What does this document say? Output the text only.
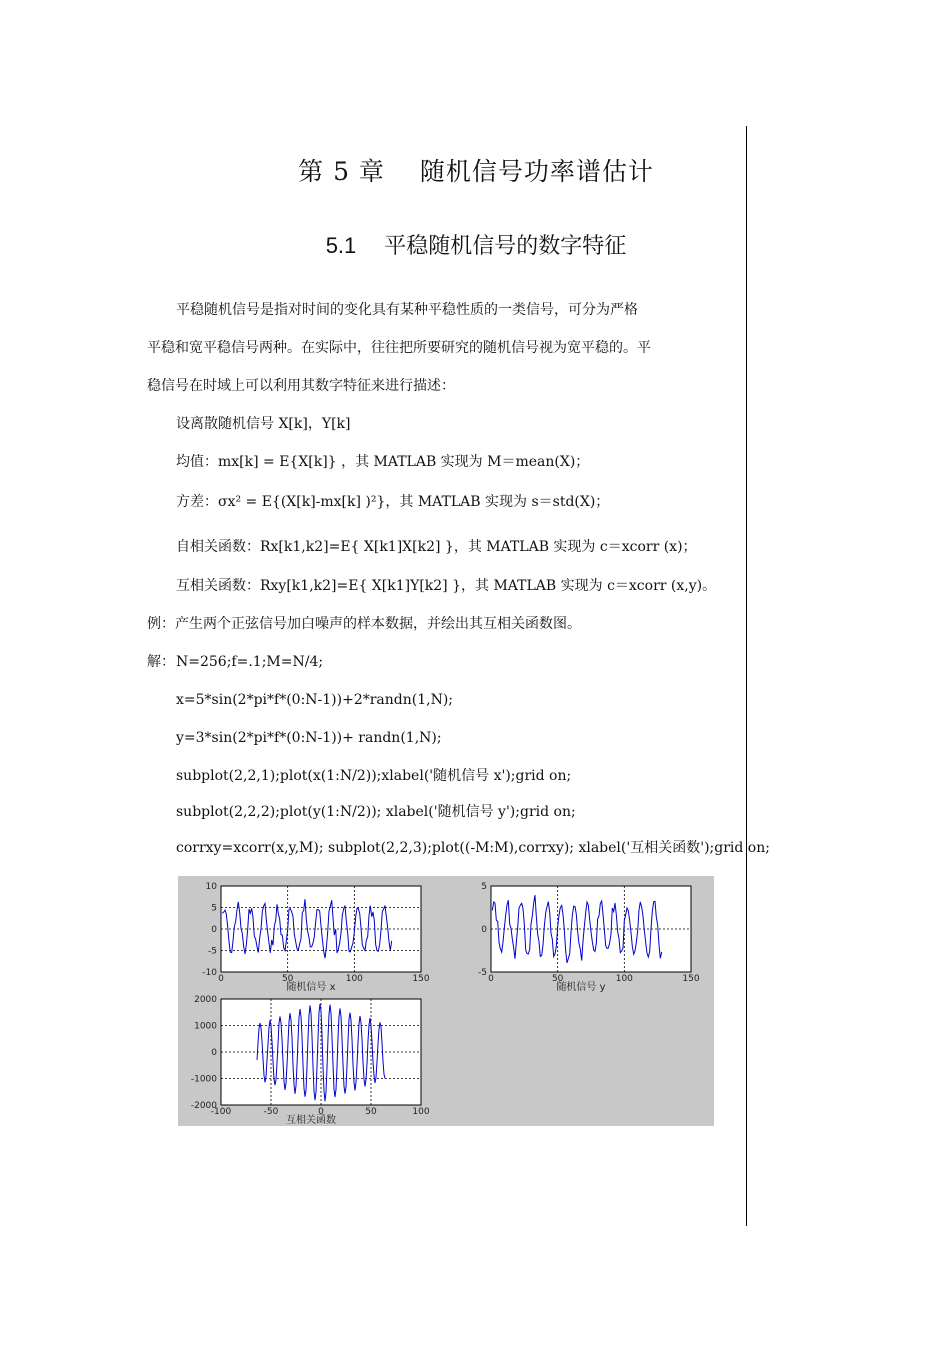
第 5 章　 随机信号功率谱估计
5.1 平稳随机信号的数字特征
平稳随机信号是指对时间的变化具有某种平稳性质的一类信号，可分为严格
平稳和宽平稳信号两种。在实际中，往往把所要研究的随机信号视为宽平稳的。平
稳信号在时域上可以利用其数字特征来进行描述：
设离散随机信号 X[k]，Y[k]
均值：mx[k] = E{X[k]} ，其 MATLAB 实现为 M＝mean(X)；
方差：σx² = E{(X[k]-mx[k] )²}，其 MATLAB 实现为 s＝std(X)；
自相关函数：Rx[k1,k2]=E{ X[k1]X[k2] }，其 MATLAB 实现为 c＝xcorr (x)；
互相关函数：Rxy[k1,k2]=E{ X[k1]Y[k2] }，其 MATLAB 实现为 c＝xcorr (x,y)。
例：产生两个正弦信号加白噪声的样本数据，并绘出其互相关函数图。
解： N=256;f=.1;M=N/4;
x=5*sin(2*pi*f*(0:N-1))+2*randn(1,N);
y=3*sin(2*pi*f*(0:N-1))+ randn(1,N);
subplot(2,2,1);plot(x(1:N/2));xlabel('随机信号 x');grid on;
subplot(2,2,2);plot(y(1:N/2)); xlabel('随机信号 y');grid on;
corrxy=xcorr(x,y,M); subplot(2,2,3);plot((-M:M),corrxy); xlabel('互相关函数');grid on;
0	50	100	150
10
5
0
-5
-10
随机信号 x
0	50	100	150
5
0
-5
随机信号 y
-100	-50	0	50	100
2000
1000
0
-1000
-2000
互相关函数
